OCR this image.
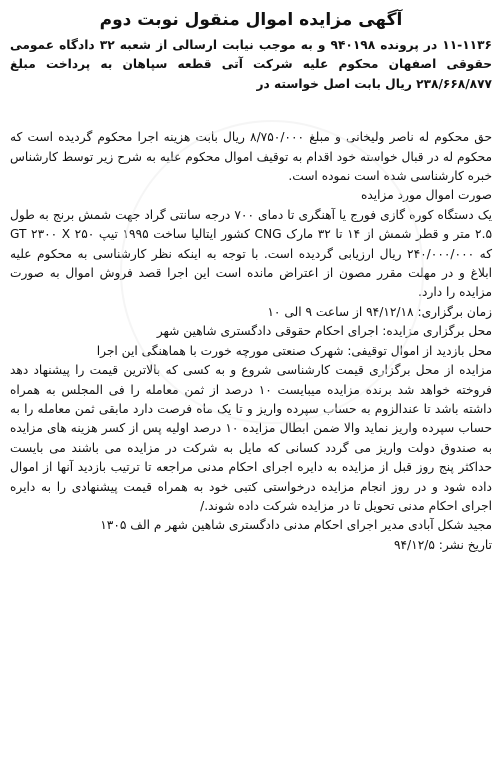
آگهی مزایده اموال منقول نوبت دوم

۱۱-۱۱۳۶ در پرونده ۹۴۰۱۹۸ و به موجب نیابت ارسالی از شعبه ۳۲ دادگاه عمومی حقوقی اصفهان محکوم علیه شرکت آتی قطعه سپاهان به پرداخت مبلغ ۲۳۸/۶۶۸/۸۷۷ ریال بابت اصل خواسته در

حق محکوم له ناصر ولیخانی و مبلغ ۸/۷۵۰/۰۰۰ ریال بابت هزینه اجرا محکوم گردیده است که محکوم له در قبال خواسته خود اقدام به توقیف اموال محکوم علیه به شرح زیر توسط کارشناس خبره کارشناسی شده است نموده است.

صورت اموال مورد مزایده

یک دستگاه کوره گازی فورج یا آهنگری تا دمای ۷۰۰ درجه سانتی گراد جهت شمش برنج به طول ۲.۵ متر و قطر شمش از ۱۴ تا ۳۲ مارک CNG کشور ایتالیا ساخت ۱۹۹۵ تیپ GT ۲۳۰۰ X ۲۵۰ که ۲۴۰/۰۰۰/۰۰۰ ریال ارزیابی گردیده است. با توجه به اینکه نظر کارشناسی به محکوم علیه ابلاغ و در مهلت مقرر مصون از اعتراض مانده است این اجرا قصد فروش اموال به صورت مزایده را دارد.

زمان برگزاری: ۹۴/۱۲/۱۸ از ساعت ۹ الی ۱۰

محل برگزاری مزایده: اجرای احکام حقوقی دادگستری شاهین شهر

محل بازدید از اموال توقیفی: شهرک صنعتی مورچه خورت با هماهنگی این اجرا

مزایده از محل برگزاری قیمت کارشناسی شروع و به کسی که بالاترین قیمت را پیشنهاد دهد فروخته خواهد شد برنده مزایده میبایست ۱۰ درصد از ثمن معامله را فی المجلس به همراه داشته باشد تا عندالزوم به حساب سپرده واریز و تا یک ماه فرصت دارد مابقی ثمن معامله را به حساب سپرده واریز نماید والا ضمن ابطال مزایده ۱۰ درصد اولیه پس از کسر هزینه های مزایده به صندوق دولت واریز می گردد کسانی که مایل به شرکت در مزایده می باشند می بایست حداکثر پنج روز قبل از مزایده به دایره اجرای احکام مدنی مراجعه تا ترتیب بازدید آنها از اموال داده شود و در روز انجام مزایده درخواستی کتبی خود به همراه قیمت پیشنهادی را به دایره اجرای احکام مدنی تحویل تا در مزایده شرکت داده شوند./

مجید شکل آبادی مدیر اجرای احکام مدنی دادگستری شاهین شهر م الف ۱۳۰۵

تاریخ نشر: ۹۴/۱۲/۵
